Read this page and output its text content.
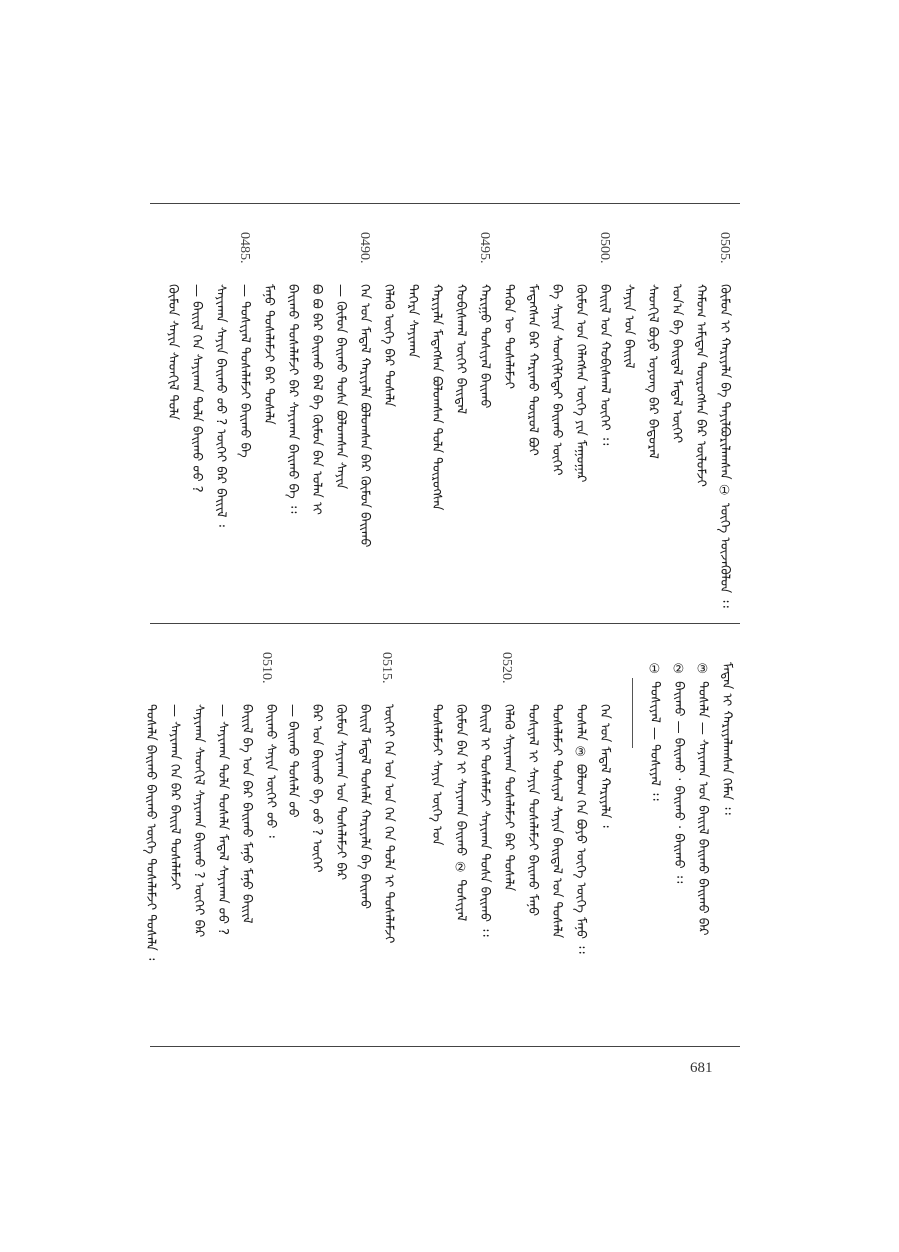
0505.
0500.
0495.
0490.
0485.
ᠬᠦᠮᠦᠨ ᠢ ᠬᠠᠷᠢᠶᠠᠯᠠ ᠪᠡ ᠲᠠᠶᠢᠯᠪᠤᠷᠢᠯᠠᠭᠰᠠᠨ ① ᠦᠭᠡ ᠦᠵᠡᠭᠦᠯᠦᠨ ᠄᠄
ᠬᠠᠮᠤᠭ ᠠᠮᠢᠲᠠᠨ ᠲᠦᠷᠦᠭᠰᠡᠨ ᠪᠡᠷ ᠦᠯᠦᠮᠵᠢ
ᠤᠨ᠎ᠠ ᠪᠠ ᠪᠠᠢᠳᠠᠯ ᠮᠡᠳᠡᠯ ᠦᠭᠡᠢ
ᠰᠡᠳᠬᠢᠯ ᠪᠤᠶᠤ ᠤᠶᠤᠩ ᠪᠡᠷ ᠪᠠᠳᠤᠷᠠᠯ
ᠰᠠᠶᠢᠨ ᠤᠨ ᠪᠠᠢᠢᠯ
ᠪᠠᠢᠢᠯ ᠤᠨ ᠬᠤᠪᠢᠰᠬᠠᠯ ᠦᠭᠡᠢ ᠄᠄
ᠬᠦᠮᠦᠨ ᠤᠨ ᠬᠡᠯᠡᠭᠰᠡᠨ ᠦᠭᠡ ᠶᠢᠨ ᠮᠠᠭᠤᠭᠠᠷ
ᠪᠠ ᠰᠠᠶᠢᠨ ᠰᠡᠳᠬᠢᠯᠭᠡᠲᠡᠢ ᠪᠠᠢᠬᠤ ᠦᠭᠡᠢ
ᠮᠡᠳᠡᠭᠰᠡᠨ ᠪᠡᠷ ᠬᠠᠷᠢᠬᠤ ᠲᠦᠷᠦᠯ ᠪᠤᠢ
ᠲᠡᠭᠦᠨ ᠦ ᠲᠤᠰᠠᠯᠠᠮᠵᠢ
ᠬᠠᠷᠢᠭᠤ ᠲᠤᠰᠢᠶᠠᠯ ᠪᠠᠢᠬᠤ
ᠬᠤᠪᠢᠰᠬᠠᠯ ᠦᠭᠡᠢ ᠪᠠᠢᠳᠠᠯ
ᠬᠠᠷᠢᠶᠠᠯᠠ ᠮᠡᠳᠡᠭᠰᠡᠨ ᠪᠤᠯᠤᠭᠰᠠᠨ ᠲᠤᠯᠠ ᠲᠦᠷᠦᠭᠰᠡᠨ
ᠳᠡᠭᠡᠷᠡ ᠰᠠᠶᠢᠬᠠᠨ
ᠬᠡᠯᠡᠬᠦ ᠦᠭᠡ ᠪᠡᠷ ᠲᠤᠰᠠᠯᠠ
ᠬᠡᠨ ᠤᠨ ᠮᠡᠳᠡᠯ ᠬᠠᠷᠢᠶᠠᠯᠠ ᠪᠤᠯᠤᠭᠰᠠᠨ ᠪᠡᠷ ᠬᠦᠮᠦᠨ ᠪᠠᠢᠬᠤ
— ᠬᠦᠮᠦᠨ ᠪᠠᠢᠬᠤ ᠲᠤᠰᠠ ᠪᠤᠯᠤᠭᠰᠠᠨ ᠰᠠᠶᠢᠨ
ᠪᠤ ᠪᠤ ᠪᠠᠷ ᠪᠠᠢᠬᠤ ᠪᠡᠯ ᠪᠠ ᠬᠦᠮᠦᠨ ᠪᠠᠨ ᠤᠯᠠᠨ ᠢ
ᠪᠠᠢᠬᠤ ᠲᠤᠰᠠᠯᠠᠮᠵᠢ ᠪᠡᠷ ᠰᠠᠶᠢᠬᠠᠨ ᠪᠠᠢᠬᠤ ᠪᠠ ᠄᠄
ᠮᠠᠨᠤ ᠲᠤᠰᠠᠯᠠᠮᠵᠢ ᠪᠡᠷ ᠲᠤᠰᠠᠯᠠ
— ᠲᠤᠰᠢᠶᠠᠯ ᠲᠤᠰᠠᠯᠠᠮᠵᠢ ᠪᠠᠢᠬᠤ ᠪᠠ
ᠰᠠᠶᠢᠬᠠᠨ ᠰᠠᠶᠢᠨ ᠪᠠᠢᠬᠤ ᠤᠤ ? ᠦᠭᠡᠢ ᠪᠡᠷ ᠪᠠᠢᠢᠯ ᠄
— ᠪᠠᠢᠢᠯ ᠬᠡᠨ ᠰᠠᠶᠢᠬᠠᠨ ᠲᠤᠯᠠ ᠪᠠᠢᠬᠤ ᠤᠤ ?
ᠬᠦᠮᠦᠨ ᠰᠠᠶᠢᠨ ᠰᠡᠳᠬᠢᠯ ᠲᠤᠯᠠ
ᠮᠡᠳᠡᠨ ᠢ ᠬᠠᠷᠢᠶᠠᠯᠠᠭᠰᠠᠨ ᠬᠡᠮᠡᠨ ᠄᠄
③ ᠲᠤᠰᠠᠯᠠ — ᠰᠠᠶᠢᠬᠠᠨ ᠤᠨ ᠪᠠᠢᠢᠯ ᠪᠠᠢᠬᠤ ᠪᠠᠢᠬᠤ ᠪᠠᠷ
② ᠪᠠᠢᠬᠤ — ᠪᠠᠢᠬᠤ · ᠪᠠᠢᠬᠤ · ᠪᠠᠢᠬᠤ ᠄᠄
① ᠲᠤᠰᠢᠶᠠᠯ — ᠲᠤᠰᠢᠶᠠᠯ ᠄᠄
0520.
0515.
0510.
ᠬᠡᠨ ᠤᠨ ᠮᠡᠳᠡᠯ ᠬᠠᠷᠢᠶᠠᠯᠠ ᠄
ᠲᠤᠰᠠᠯᠠ ③ ᠪᠤᠯᠤᠭ ᠬᠡᠨ ᠪᠤᠶᠤ ᠦᠭᠡ ᠦᠭᠡ ᠮᠠᠨᠤ ᠄᠄
ᠲᠤᠰᠠᠯᠠᠮᠵᠢ ᠲᠤᠰᠢᠶᠠᠯ ᠰᠠᠶᠢᠨ ᠪᠠᠢᠳᠠᠯ ᠤᠨ ᠲᠤᠰᠠᠯᠠ
ᠲᠤᠰᠢᠶᠠᠯ ᠢ ᠰᠠᠶᠢᠨ ᠲᠤᠰᠠᠯᠠᠮᠵᠢ ᠪᠠᠢᠬᠤ ᠮᠠᠨᠤ
ᠬᠡᠯᠡᠬᠦ ᠰᠠᠶᠢᠬᠠᠨ ᠲᠤᠰᠠᠯᠠᠮᠵᠢ ᠪᠡᠷ ᠲᠤᠰᠠᠯᠠ
ᠪᠠᠢᠢᠯ ᠢ ᠲᠤᠰᠠᠯᠠᠮᠵᠢ ᠰᠠᠶᠢᠬᠠᠨ ᠲᠤᠰᠠ ᠪᠠᠢᠬᠤ ᠄᠄
ᠬᠦᠮᠦᠨ ᠪᠠᠨ ᠢ ᠰᠠᠶᠢᠬᠠᠨ ᠪᠠᠢᠬᠤ ② ᠲᠤᠰᠢᠶᠠᠯ
ᠲᠤᠰᠠᠯᠠᠮᠵᠢ ᠰᠠᠶᠢᠨ ᠦᠭᠡ ᠤᠨ
ᠦᠭᠡᠢ ᠬᠡᠨ ᠤᠨ ᠤᠨ ᠬᠡᠨ ᠬᠡᠨ ᠲᠤᠯᠠ ᠢ ᠲᠤᠰᠠᠯᠠᠮᠵᠢ
ᠪᠠᠢᠢᠯ ᠮᠡᠳᠡᠯ ᠲᠤᠰᠠᠯᠠ ᠬᠠᠷᠢᠶᠠᠯᠠ ᠪᠠ ᠪᠠᠢᠬᠤ
ᠬᠦᠮᠦᠨ ᠰᠠᠶᠢᠬᠠᠨ ᠤᠨ ᠲᠤᠰᠠᠯᠠᠮᠵᠢ ᠪᠡᠷ
ᠪᠡᠷ ᠤᠨ ᠪᠠᠢᠬᠤ ᠪᠠ ᠤᠤ ? ᠦᠭᠡᠢ
— ᠪᠠᠢᠬᠤ ᠲᠤᠰᠠᠯᠠ ᠤᠤ
ᠪᠠᠢᠬᠤ ᠰᠠᠶᠢᠨ ᠦᠭᠡᠢ ᠤᠤ ᠄
ᠪᠠᠢᠢᠯ ᠪᠠ ᠤᠨ ᠪᠡᠷ ᠪᠠᠢᠬᠤ ᠮᠠᠨᠤ ᠮᠠᠨᠤ ᠪᠠᠢᠢᠯ
— ᠰᠠᠶᠢᠬᠠᠨ ᠲᠤᠯᠠ ᠲᠤᠰᠠᠯᠠ ᠮᠡᠳᠡᠯ ᠰᠠᠶᠢᠬᠠᠨ ᠤᠤ ?
ᠰᠠᠶᠢᠬᠠᠨ ᠰᠡᠳᠬᠢᠯ ᠰᠠᠶᠢᠬᠠᠨ ᠪᠠᠢᠬᠤ ? ᠦᠭᠡᠢ ᠪᠡᠷ
— ᠰᠠᠶᠢᠬᠠᠨ ᠬᠡᠨ ᠪᠡᠷ ᠪᠠᠢᠢᠯ ᠲᠤᠰᠠᠯᠠᠮᠵᠢ
ᠲᠤᠰᠠᠯᠠ ᠪᠠᠢᠬᠤ ᠪᠠᠢᠬᠤ ᠦᠭᠡ ᠲᠤᠰᠠᠯᠠᠮᠵᠢ ᠲᠤᠰᠠᠯᠠ ᠄
681
